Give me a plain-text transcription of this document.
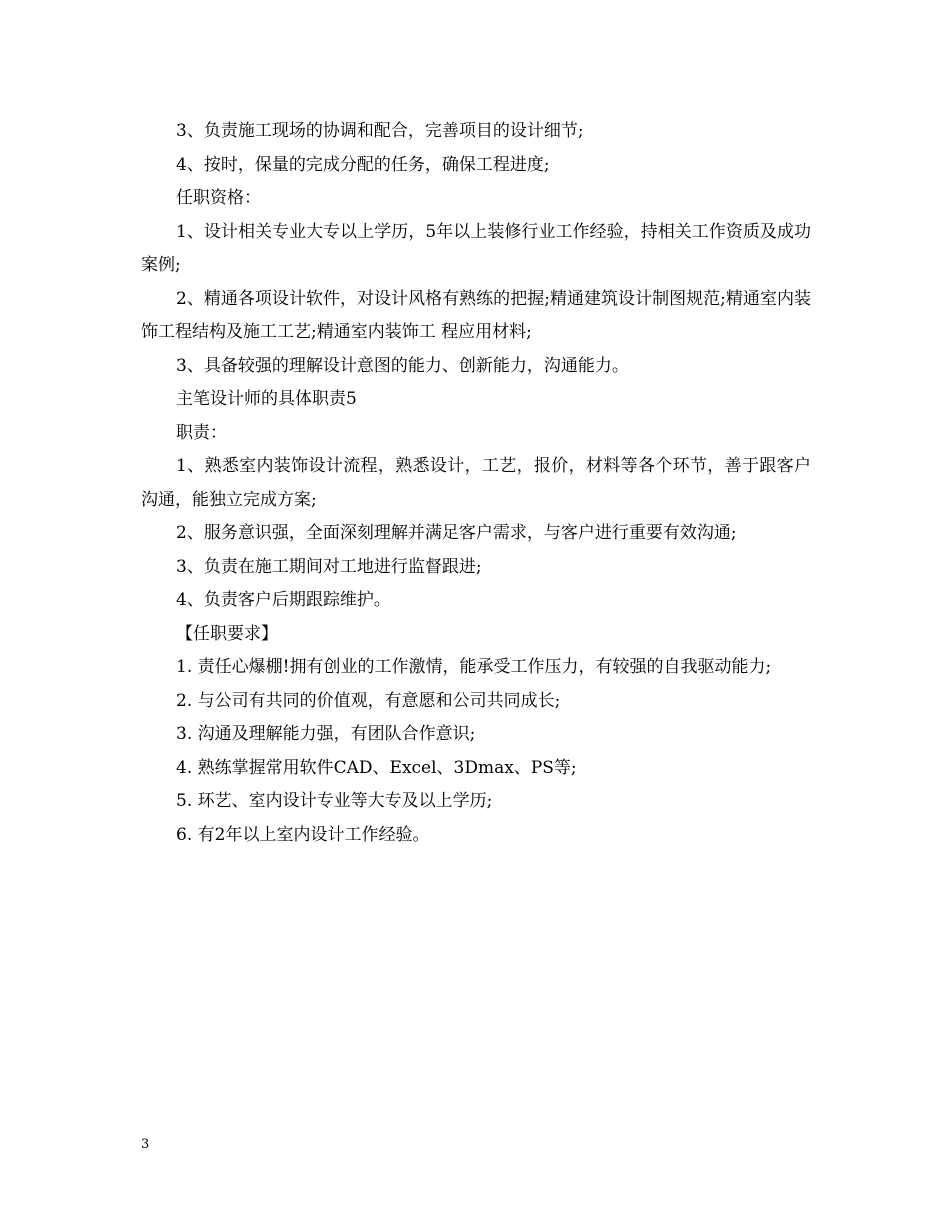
3、负责施工现场的协调和配合，完善项目的设计细节;

4、按时，保量的完成分配的任务，确保工程进度;

任职资格：

1、设计相关专业大专以上学历，5年以上装修行业工作经验，持相关工作资质及成功案例;

2、精通各项设计软件，对设计风格有熟练的把握;精通建筑设计制图规范;精通室内装饰工程结构及施工工艺;精通室内装饰工 程应用材料;

3、具备较强的理解设计意图的能力、创新能力，沟通能力。

主笔设计师的具体职责5

职责：

1、熟悉室内装饰设计流程，熟悉设计，工艺，报价，材料等各个环节，善于跟客户沟通，能独立完成方案;

2、服务意识强，全面深刻理解并满足客户需求，与客户进行重要有效沟通;

3、负责在施工期间对工地进行监督跟进;

4、负责客户后期跟踪维护。

【任职要求】

1. 责任心爆棚!拥有创业的工作激情，能承受工作压力，有较强的自我驱动能力;

2. 与公司有共同的价值观，有意愿和公司共同成长;

3. 沟通及理解能力强，有团队合作意识;

4. 熟练掌握常用软件CAD、Excel、3Dmax、PS等;

5. 环艺、室内设计专业等大专及以上学历;

6. 有2年以上室内设计工作经验。

3
